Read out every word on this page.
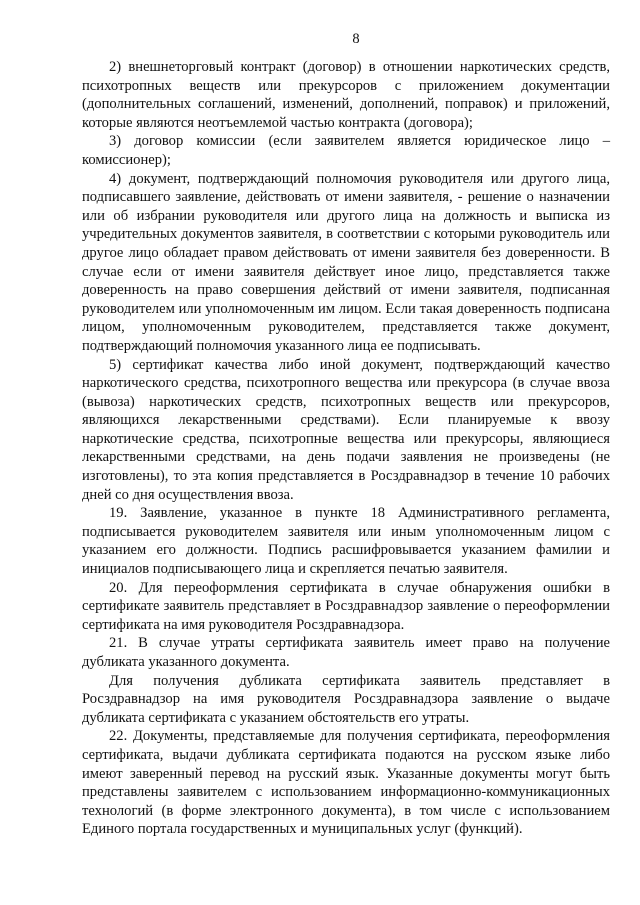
8

2) внешнеторговый контракт (договор) в отношении наркотических средств, психотропных веществ или прекурсоров с приложением документации (дополнительных соглашений, изменений, дополнений, поправок) и приложений, которые являются неотъемлемой частью контракта (договора);

3) договор комиссии (если заявителем является юридическое лицо – комиссионер);

4) документ, подтверждающий полномочия руководителя или другого лица, подписавшего заявление, действовать от имени заявителя, - решение о назначении или об избрании руководителя или другого лица на должность и выписка из учредительных документов заявителя, в соответствии с которыми руководитель или другое лицо обладает правом действовать от имени заявителя без доверенности. В случае если от имени заявителя действует иное лицо, представляется также доверенность на право совершения действий от имени заявителя, подписанная руководителем или уполномоченным им лицом. Если такая доверенность подписана лицом, уполномоченным руководителем, представляется также документ, подтверждающий полномочия указанного лица ее подписывать.

5) сертификат качества либо иной документ, подтверждающий качество наркотического средства, психотропного вещества или прекурсора (в случае ввоза (вывоза) наркотических средств, психотропных веществ или прекурсоров, являющихся лекарственными средствами). Если планируемые к ввозу наркотические средства, психотропные вещества или прекурсоры, являющиеся лекарственными средствами, на день подачи заявления не произведены (не изготовлены), то эта копия представляется в Росздравнадзор в течение 10 рабочих дней со дня осуществления ввоза.

19. Заявление, указанное в пункте 18 Административного регламента, подписывается руководителем заявителя или иным уполномоченным лицом с указанием его должности. Подпись расшифровывается указанием фамилии и инициалов подписывающего лица и скрепляется печатью заявителя.

20. Для переоформления сертификата в случае обнаружения ошибки в сертификате заявитель представляет в Росздравнадзор заявление о переоформлении сертификата на имя руководителя Росздравнадзора.

21. В случае утраты сертификата заявитель имеет право на получение дубликата указанного документа.

Для получения дубликата сертификата заявитель представляет в Росздравнадзор на имя руководителя Росздравнадзора заявление о выдаче дубликата сертификата с указанием обстоятельств его утраты.

22. Документы, представляемые для получения сертификата, переоформления сертификата, выдачи дубликата сертификата подаются на русском языке либо имеют заверенный перевод на русский язык. Указанные документы могут быть представлены заявителем с использованием информационно-коммуникационных технологий (в форме электронного документа), в том числе с использованием Единого портала государственных и муниципальных услуг (функций).
